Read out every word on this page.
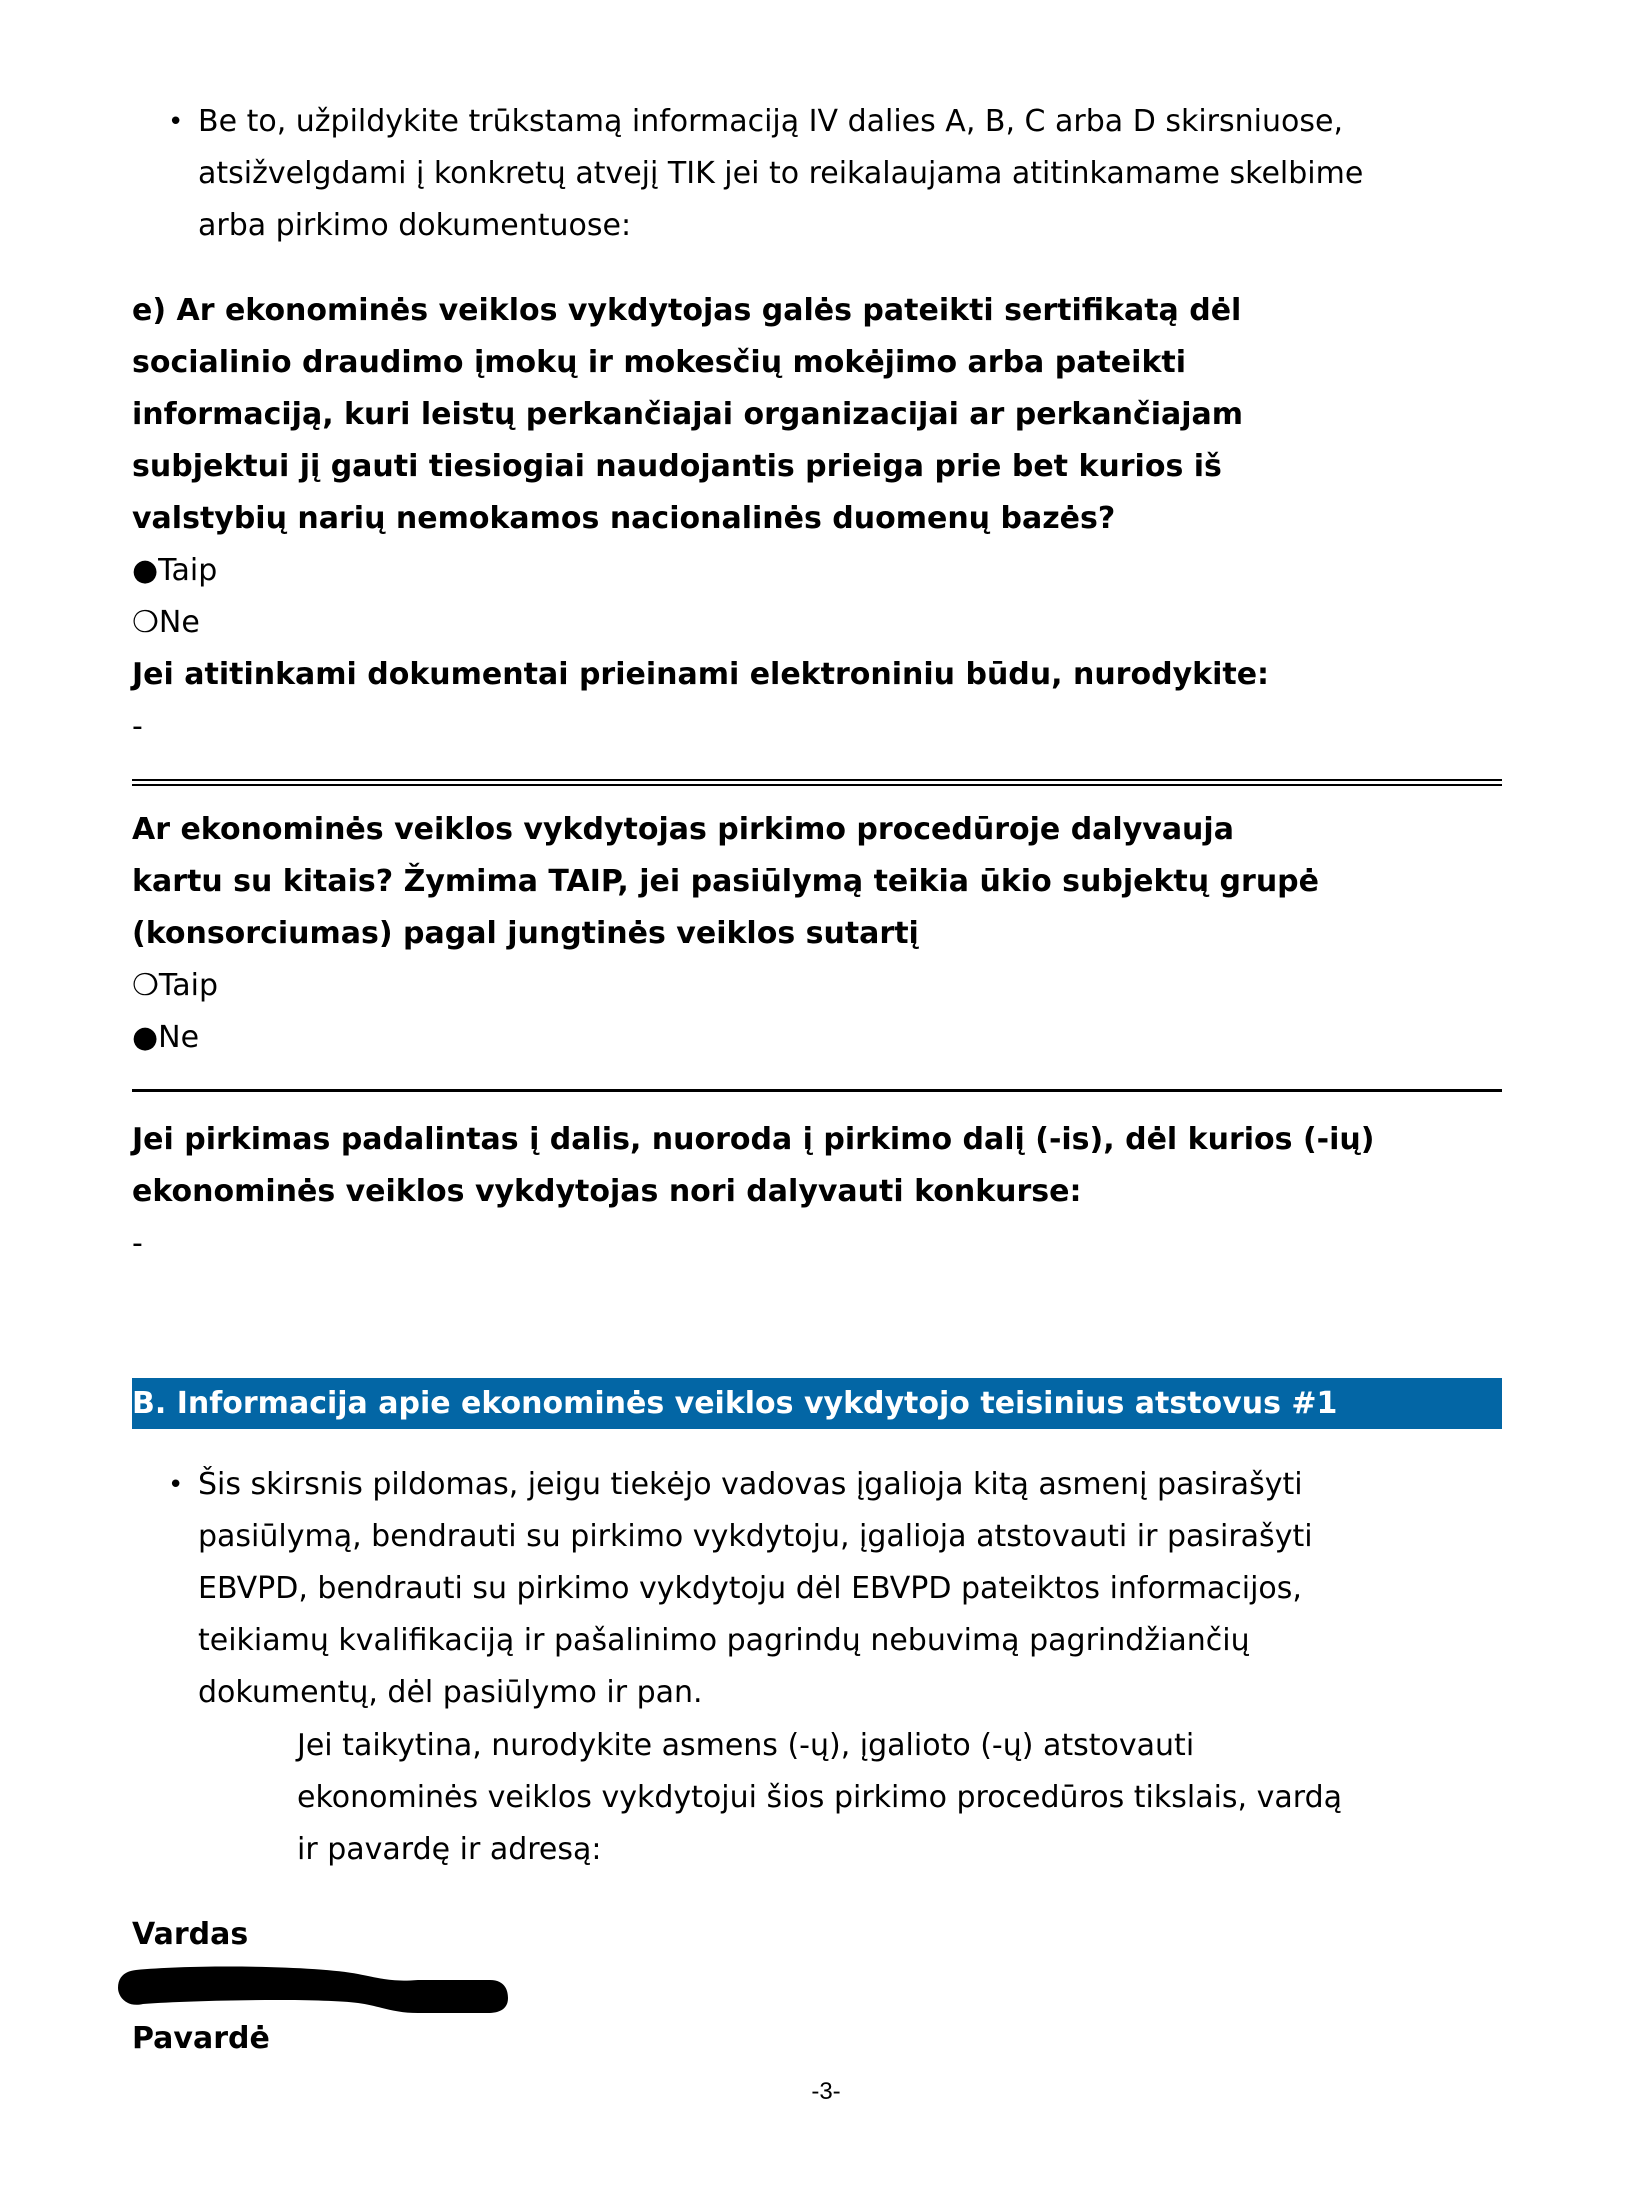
• Be to, užpildykite trūkstamą informaciją IV dalies A, B, C arba D skirsniuose,
atsižvelgdami į konkretų atvejį TIK jei to reikalaujama atitinkamame skelbime
arba pirkimo dokumentuose:
e) Ar ekonominės veiklos vykdytojas galės pateikti sertifikatą dėl
socialinio draudimo įmokų ir mokesčių mokėjimo arba pateikti
informaciją, kuri leistų perkančiajai organizacijai ar perkančiajam
subjektui jį gauti tiesiogiai naudojantis prieiga prie bet kurios iš
valstybių narių nemokamos nacionalinės duomenų bazės?
●Taip
❍Ne
Jei atitinkami dokumentai prieinami elektroniniu būdu, nurodykite:
-
Ar ekonominės veiklos vykdytojas pirkimo procedūroje dalyvauja
kartu su kitais? Žymima TAIP, jei pasiūlymą teikia ūkio subjektų grupė
(konsorciumas) pagal jungtinės veiklos sutartį
❍Taip
●Ne
Jei pirkimas padalintas į dalis, nuoroda į pirkimo dalį (-is), dėl kurios (-ių)
ekonominės veiklos vykdytojas nori dalyvauti konkurse:
-
B. Informacija apie ekonominės veiklos vykdytojo teisinius atstovus #1
• Šis skirsnis pildomas, jeigu tiekėjo vadovas įgalioja kitą asmenį pasirašyti
pasiūlymą, bendrauti su pirkimo vykdytoju, įgalioja atstovauti ir pasirašyti
EBVPD, bendrauti su pirkimo vykdytoju dėl EBVPD pateiktos informacijos,
teikiamų kvalifikaciją ir pašalinimo pagrindų nebuvimą pagrindžiančių
dokumentų, dėl pasiūlymo ir pan.
Jei taikytina, nurodykite asmens (-ų), įgalioto (-ų) atstovauti
ekonominės veiklos vykdytojui šios pirkimo procedūros tikslais, vardą
ir pavardę ir adresą:
Vardas
Pavardė
-3-
